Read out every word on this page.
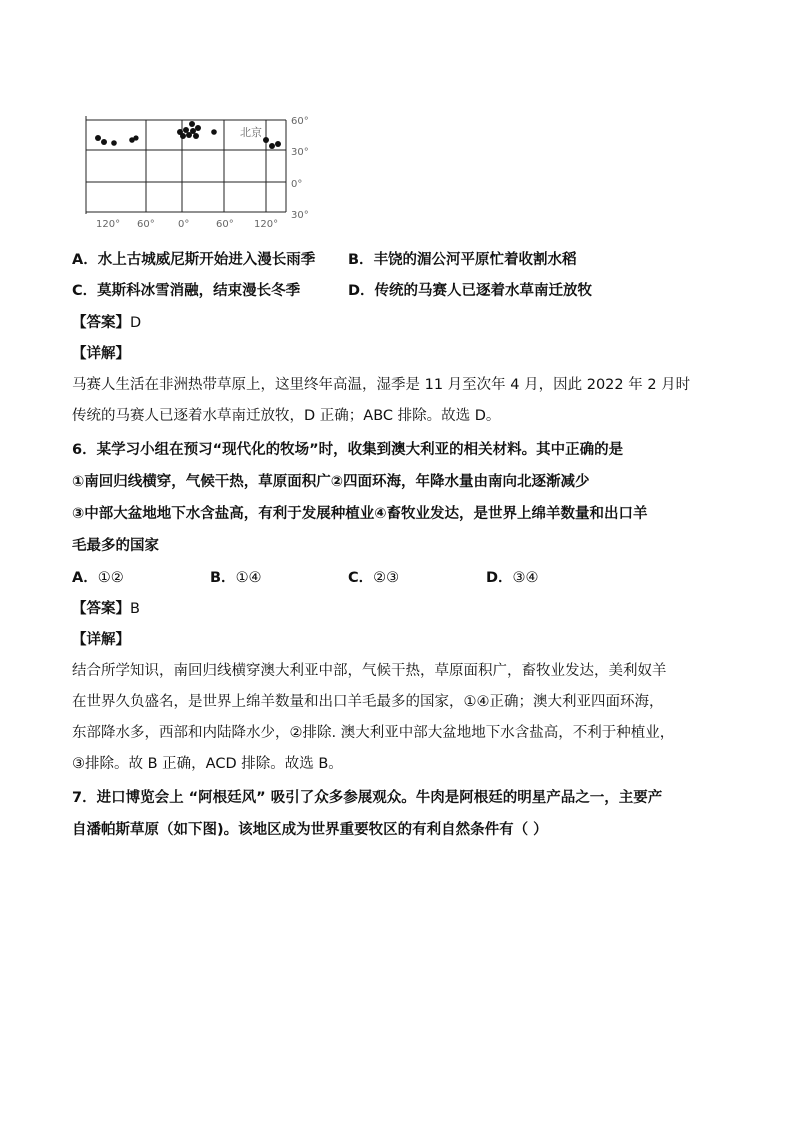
北京
60°
30°
0°
30°
120° 60° 0°	60° 120°
A．水上古城威尼斯开始进入漫长雨季 B．丰饶的湄公河平原忙着收割水稻
C．莫斯科冰雪消融，结束漫长冬季	D．传统的马赛人已逐着水草南迁放牧
【答案】D
【详解】
马赛人生活在非洲热带草原上，这里终年高温，湿季是 11 月至次年 4 月，因此 2022 年 2 月时
传统的马赛人已逐着水草南迁放牧，D 正确；ABC 排除。故选 D。
6．某学习小组在预习“现代化的牧场”时，收集到澳大利亚的相关材料。其中正确的是
①南回归线横穿，气候干热，草原面积广②四面环海，年降水量由南向北逐渐减少
③中部大盆地地下水含盐高，有利于发展种植业④畜牧业发达，是世界上绵羊数量和出口羊
毛最多的国家
A．①②	B．①④	C．②③	D．③④
【答案】B
【详解】
结合所学知识，南回归线横穿澳大利亚中部，气候干热，草原面积广，畜牧业发达，美利奴羊
在世界久负盛名，是世界上绵羊数量和出口羊毛最多的国家，①④正确；澳大利亚四面环海，
东部降水多，西部和内陆降水少，②排除. 澳大利亚中部大盆地地下水含盐高，不利于种植业，
③排除。故 B 正确，ACD 排除。故选 B。
7．进口博览会上 “阿根廷风” 吸引了众多参展观众。牛肉是阿根廷的明星产品之一，主要产
自潘帕斯草原（如下图)。该地区成为世界重要牧区的有利自然条件有（ ）
